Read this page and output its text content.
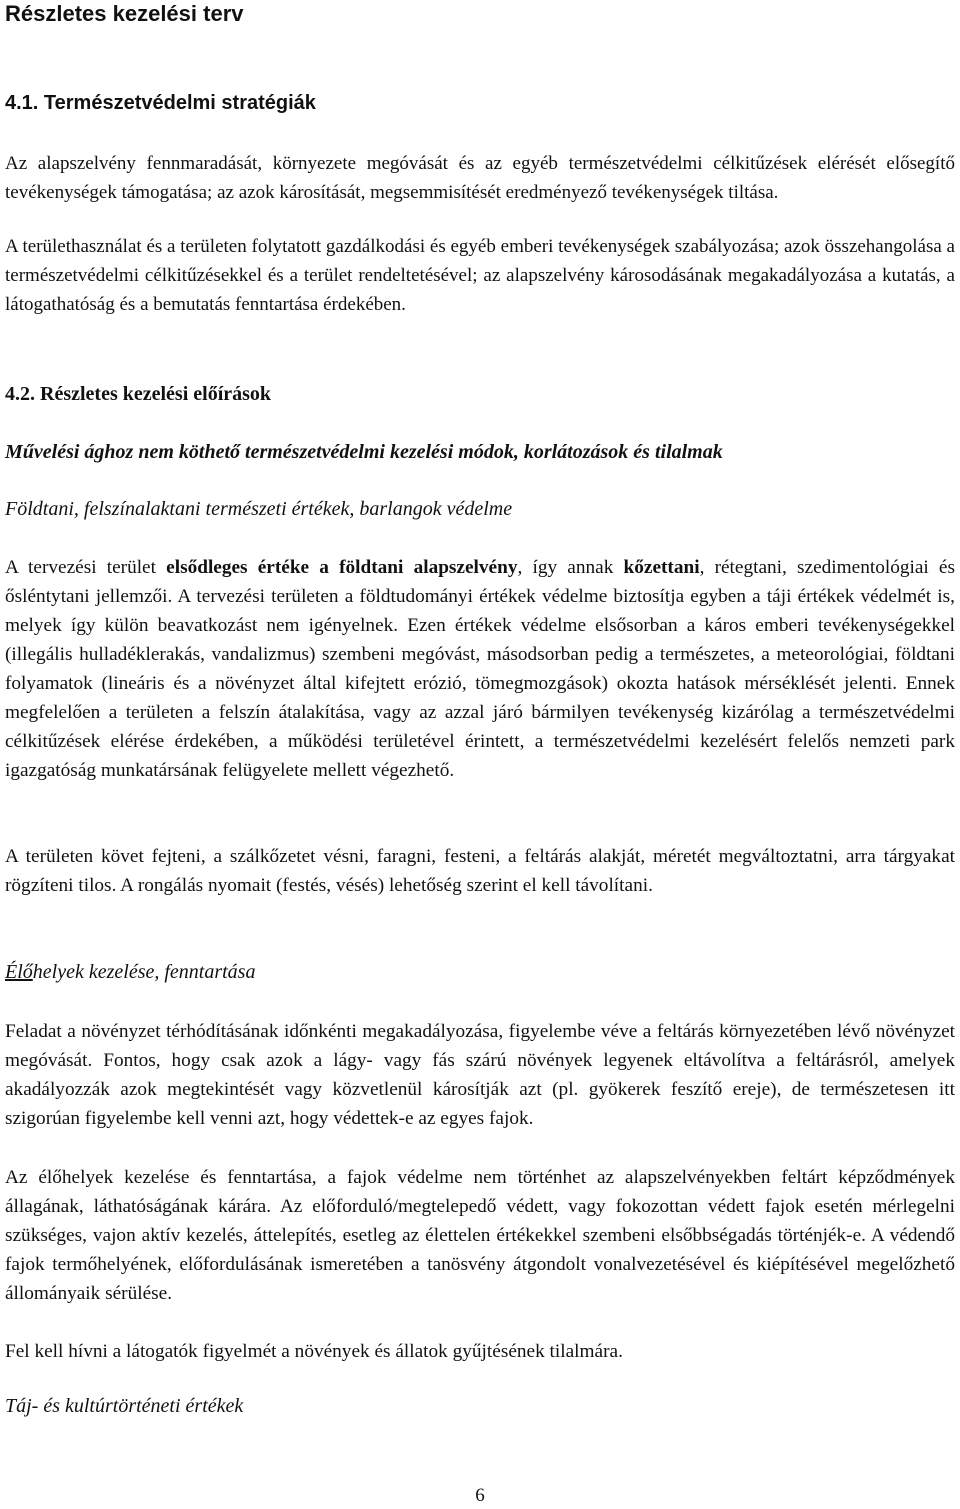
Részletes kezelési terv
4.1. Természetvédelmi stratégiák
Az alapszelvény fennmaradását, környezete megóvását és az egyéb természetvédelmi célkitűzések elérését elősegítő tevékenységek támogatása; az azok károsítását, megsemmisítését eredményező tevékenységek tiltása.
A területhasználat és a területen folytatott gazdálkodási és egyéb emberi tevékenységek szabályozása; azok összehangolása a természetvédelmi célkitűzésekkel és a terület rendeltetésével; az alapszelvény károsodásának megakadályozása a kutatás, a látogathatóság és a bemutatás fenntartása érdekében.
4.2. Részletes kezelési előírások
Művelési ághoz nem köthető természetvédelmi kezelési módok, korlátozások és tilalmak
Földtani, felszínalaktani természeti értékek, barlangok védelme
A tervezési terület elsődleges értéke a földtani alapszelvény, így annak kőzettani, rétegtani, szedimentológiai és ősléntytani jellemzői. A tervezési területen a földtudományi értékek védelme biztosítja egyben a táji értékek védelmét is, melyek így külön beavatkozást nem igényelnek. Ezen értékek védelme elsősorban a káros emberi tevékenységekkel (illegális hulladéklerakás, vandalizmus) szembeni megóvást, másodsorban pedig a természetes, a meteorológiai, földtani folyamatok (lineáris és a növényzet által kifejtett erózió, tömegmozgások) okozta hatások mérséklését jelenti. Ennek megfelelően a területen a felszín átalakítása, vagy az azzal járó bármilyen tevékenység kizárólag a természetvédelmi célkitűzések elérése érdekében, a működési területével érintett, a természetvédelmi kezelésért felelős nemzeti park igazgatóság munkatársának felügyelete mellett végezhető.
A területen követ fejteni, a szálkőzetet vésni, faragni, festeni, a feltárás alakját, méretét megváltoztatni, arra tárgyakat rögzíteni tilos. A rongálás nyomait (festés, vésés) lehetőség szerint el kell távolítani.
Élőhelyek kezelése, fenntartása
Feladat a növényzet térhódításának időnkénti megakadályozása, figyelembe véve a feltárás környezetében lévő növényzet megóvását. Fontos, hogy csak azok a lágy- vagy fás szárú növények legyenek eltávolítva a feltárásról, amelyek akadályozzák azok megtekintését vagy közvetlenül károsítják azt (pl. gyökerek feszítő ereje), de természetesen itt szigorúan figyelembe kell venni azt, hogy védettek-e az egyes fajok.
Az élőhelyek kezelése és fenntartása, a fajok védelme nem történhet az alapszelvényekben feltárt képződmények állagának, láthatóságának kárára. Az előforduló/megtelepedő védett, vagy fokozottan védett fajok esetén mérlegelni szükséges, vajon aktív kezelés, áttelepítés, esetleg az élettelen értékekkel szembeni elsőbbségadás történjék-e. A védendő fajok termőhelyének, előfordulásának ismeretében a tanösvény átgondolt vonalvezetésével és kiépítésével megelőzhető állományaik sérülése.
Fel kell hívni a látogatók figyelmét a növények és állatok gyűjtésének tilalmára.
Táj- és kultúrtörténeti értékek
6
